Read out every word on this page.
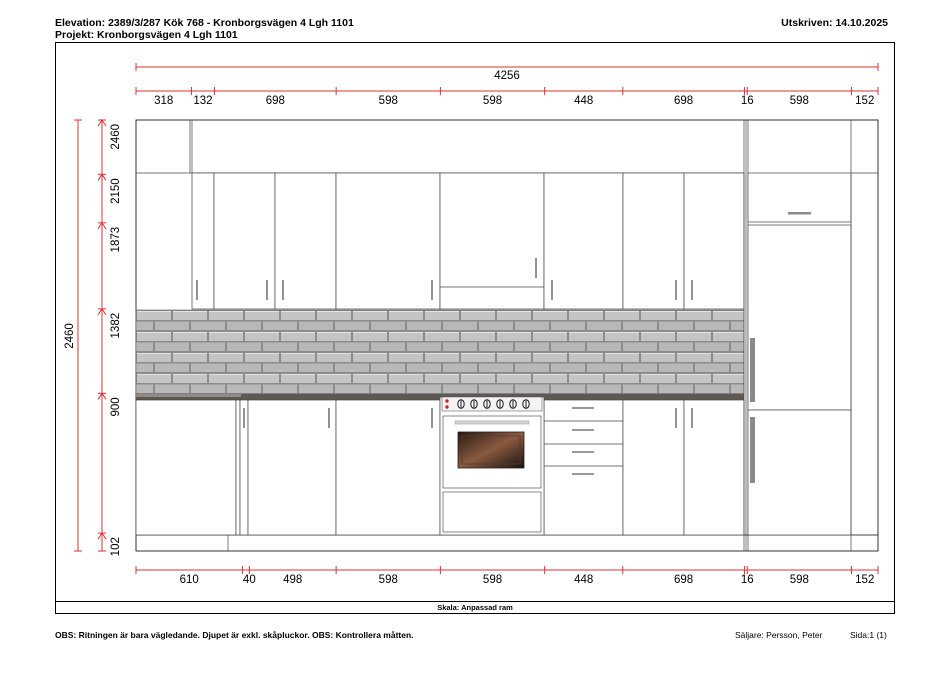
Elevation: 2389/3/287 Kök 768 - Kronborgsvägen 4 Lgh 1101
Projekt: Kronborgsvägen 4 Lgh 1101
Utskriven: 14.10.2025
4256
318 132	698	598	598	448	698	16	598	152
610	40 498	598	598	448	698	16	598	152
2460
2150
1873
1382
900
102
2460
Skala: Anpassad ram
OBS: Ritningen är bara vägledande. Djupet är exkl. skåpluckor. OBS: Kontrollera måtten.	Säljare: Persson, Peter	Sida:1 (1)
